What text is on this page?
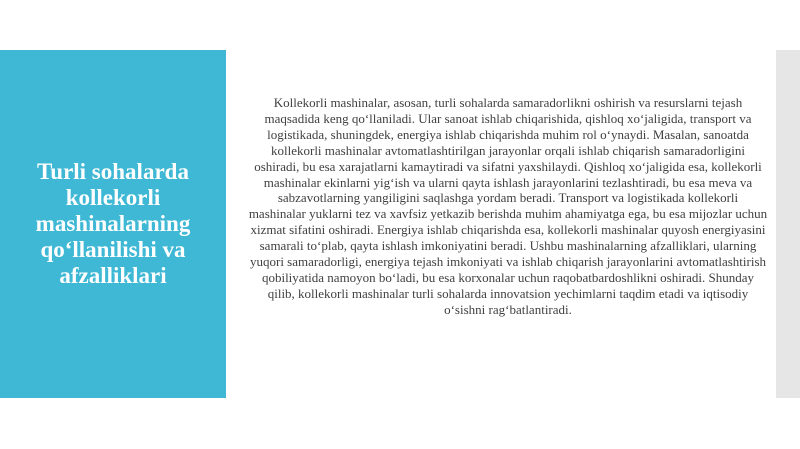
Turli sohalarda kollekorli mashinalarning qo‘llanilishi va afzalliklari

Kollekorli mashinalar, asosan, turli sohalarda samaradorlikni oshirish va resurslarni tejash maqsadida keng qo‘llaniladi. Ular sanoat ishlab chiqarishida, qishloq xo‘jaligida, transport va logistikada, shuningdek, energiya ishlab chiqarishda muhim rol o‘ynaydi. Masalan, sanoatda kollekorli mashinalar avtomatlashtirilgan jarayonlar orqali ishlab chiqarish samaradorligini oshiradi, bu esa xarajatlarni kamaytiradi va sifatni yaxshilaydi. Qishloq xo‘jaligida esa, kollekorli mashinalar ekinlarni yig‘ish va ularni qayta ishlash jarayonlarini tezlashtiradi, bu esa meva va sabzavotlarning yangiligini saqlashga yordam beradi. Transport va logistikada kollekorli mashinalar yuklarni tez va xavfsiz yetkazib berishda muhim ahamiyatga ega, bu esa mijozlar uchun xizmat sifatini oshiradi. Energiya ishlab chiqarishda esa, kollekorli mashinalar quyosh energiyasini samarali to‘plab, qayta ishlash imkoniyatini beradi. Ushbu mashinalarning afzalliklari, ularning yuqori samaradorligi, energiya tejash imkoniyati va ishlab chiqarish jarayonlarini avtomatlashtirish qobiliyatida namoyon bo‘ladi, bu esa korxonalar uchun raqobatbardoshlikni oshiradi. Shunday qilib, kollekorli mashinalar turli sohalarda innovatsion yechimlarni taqdim etadi va iqtisodiy o‘sishni rag‘batlantiradi.
